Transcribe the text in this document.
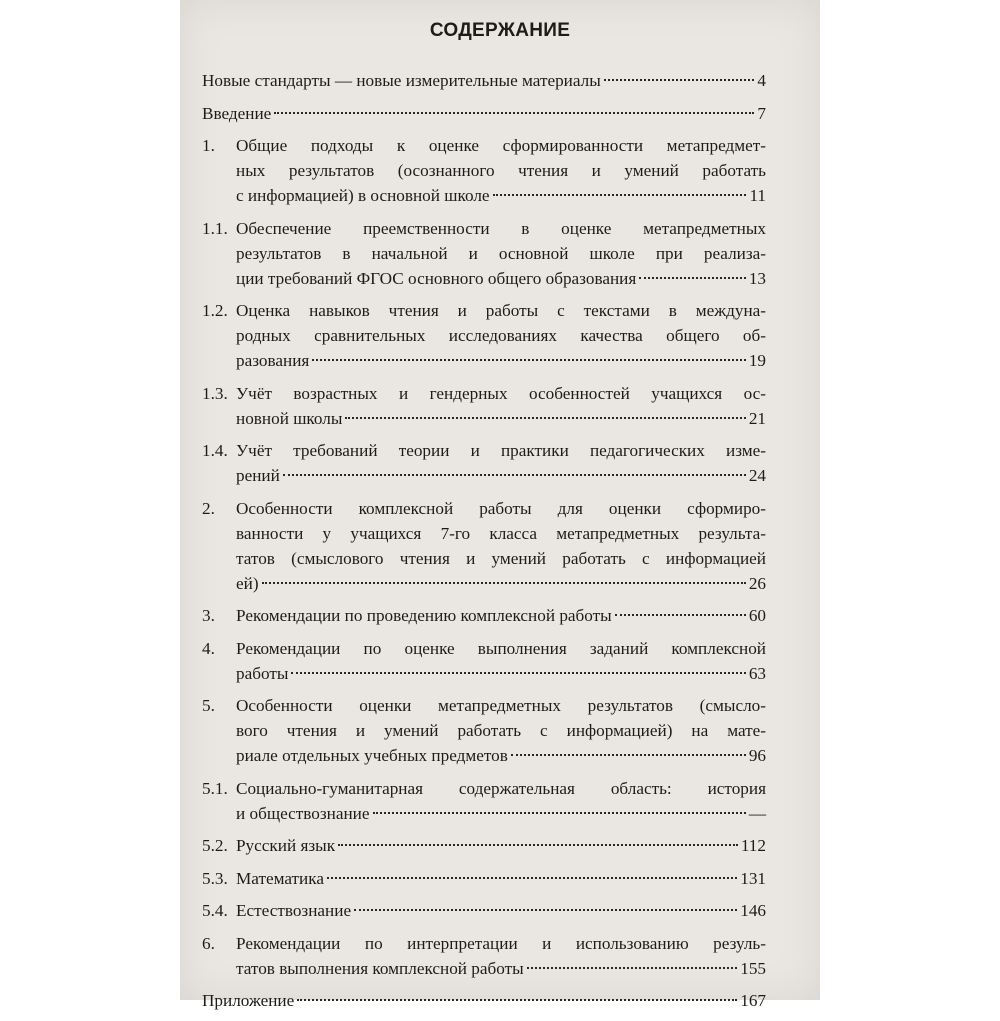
СОДЕРЖАНИЕ
Новые стандарты — новые измерительные материалы	4
Введение	7
1.	Общие подходы к оценке сформированности метапредмет-
ных результатов (осознанного чтения и умений работать
с информацией) в основной школе	11
1.1. Обеспечение преемственности в оценке метапредметных
результатов в начальной и основной школе при реализа-
ции требований ФГОС основного общего образования	13
1.2. Оценка навыков чтения и работы с текстами в междуна-
родных сравнительных исследованиях качества общего об-
разования	19
1.3. Учёт возрастных и гендерных особенностей учащихся ос-
новной школы	21
1.4. Учёт требований теории и практики педагогических изме-
рений	24
2.	Особенности комплексной работы для оценки сформиро-
ванности у учащихся 7-го класса метапредметных результа-
татов (смыслового чтения и умений работать с информацией
ей)	26
3.	Рекомендации по проведению комплексной работы	60
4.	Рекомендации по оценке выполнения заданий комплексной
работы	63
5.	Особенности оценки метапредметных результатов (смысло-
вого чтения и умений работать с информацией) на мате-
риале отдельных учебных предметов	96
5.1. Социально-гуманитарная содержательная область: история
и обществознание	—
5.2. Русский язык	112
5.3. Математика	131
5.4. Естествознание	146
6.	Рекомендации по интерпретации и использованию резуль-
татов выполнения комплексной работы	155
Приложение	167
